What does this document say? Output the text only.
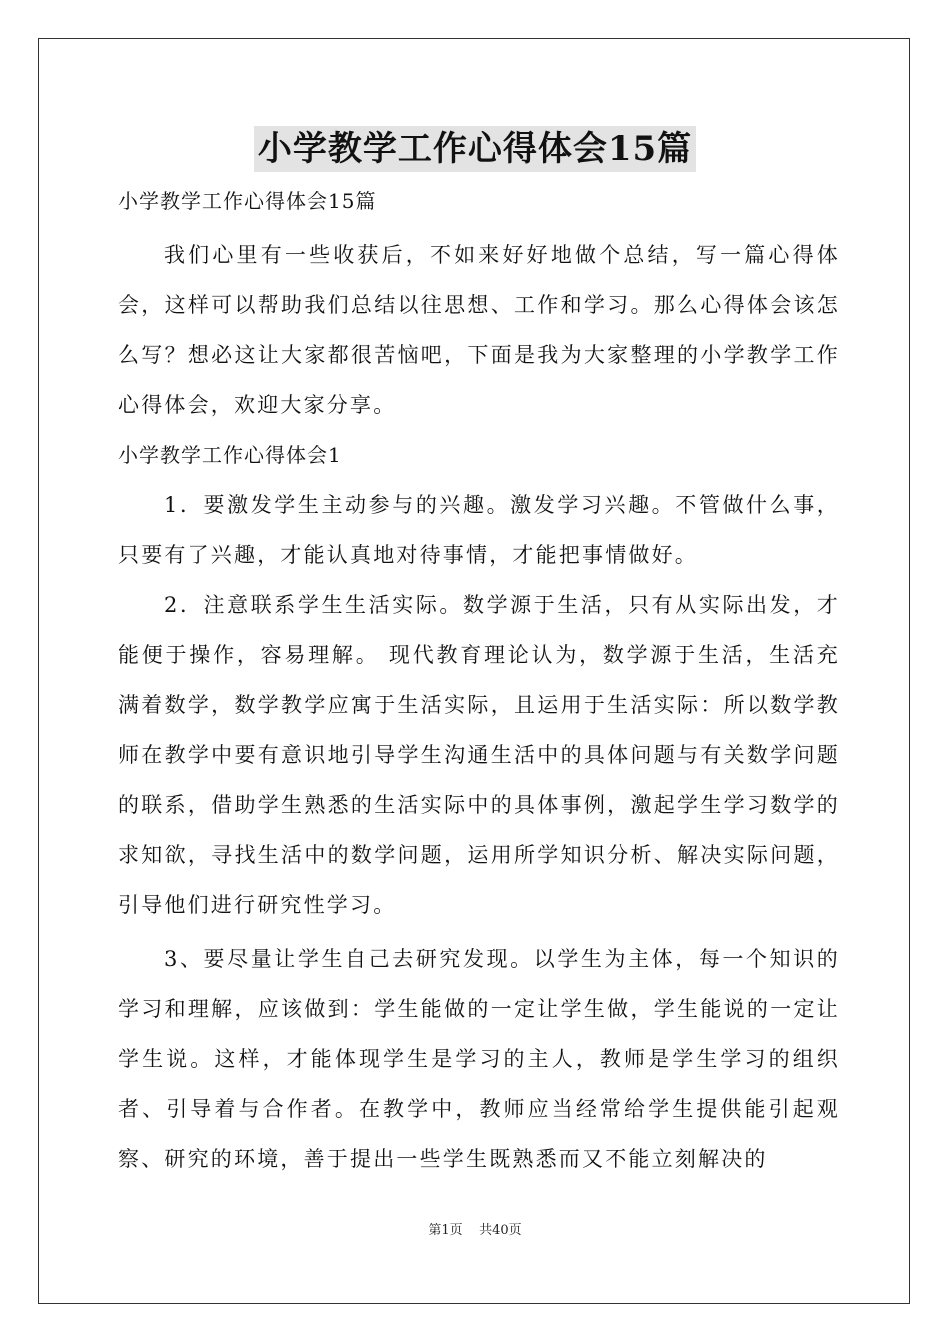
小学教学工作心得体会15篇

小学教学工作心得体会15篇

我们心里有一些收获后，不如来好好地做个总结，写一篇心得体会，这样可以帮助我们总结以往思想、工作和学习。那么心得体会该怎么写？想必这让大家都很苦恼吧，下面是我为大家整理的小学教学工作心得体会，欢迎大家分享。

小学教学工作心得体会1

1．要激发学生主动参与的兴趣。激发学习兴趣。不管做什么事，只要有了兴趣，才能认真地对待事情，才能把事情做好。

2．注意联系学生生活实际。数学源于生活，只有从实际出发，才能便于操作，容易理解。 现代教育理论认为，数学源于生活，生活充满着数学，数学教学应寓于生活实际，且运用于生活实际：所以数学教师在教学中要有意识地引导学生沟通生活中的具体问题与有关数学问题的联系，借助学生熟悉的生活实际中的具体事例，激起学生学习数学的求知欲，寻找生活中的数学问题，运用所学知识分析、解决实际问题，引导他们进行研究性学习。

3、要尽量让学生自己去研究发现。以学生为主体，每一个知识的学习和理解，应该做到：学生能做的一定让学生做，学生能说的一定让学生说。这样，才能体现学生是学习的主人，教师是学生学习的组织者、引导着与合作者。在教学中，教师应当经常给学生提供能引起观察、研究的环境，善于提出一些学生既熟悉而又不能立刻解决的

第1页 共40页
